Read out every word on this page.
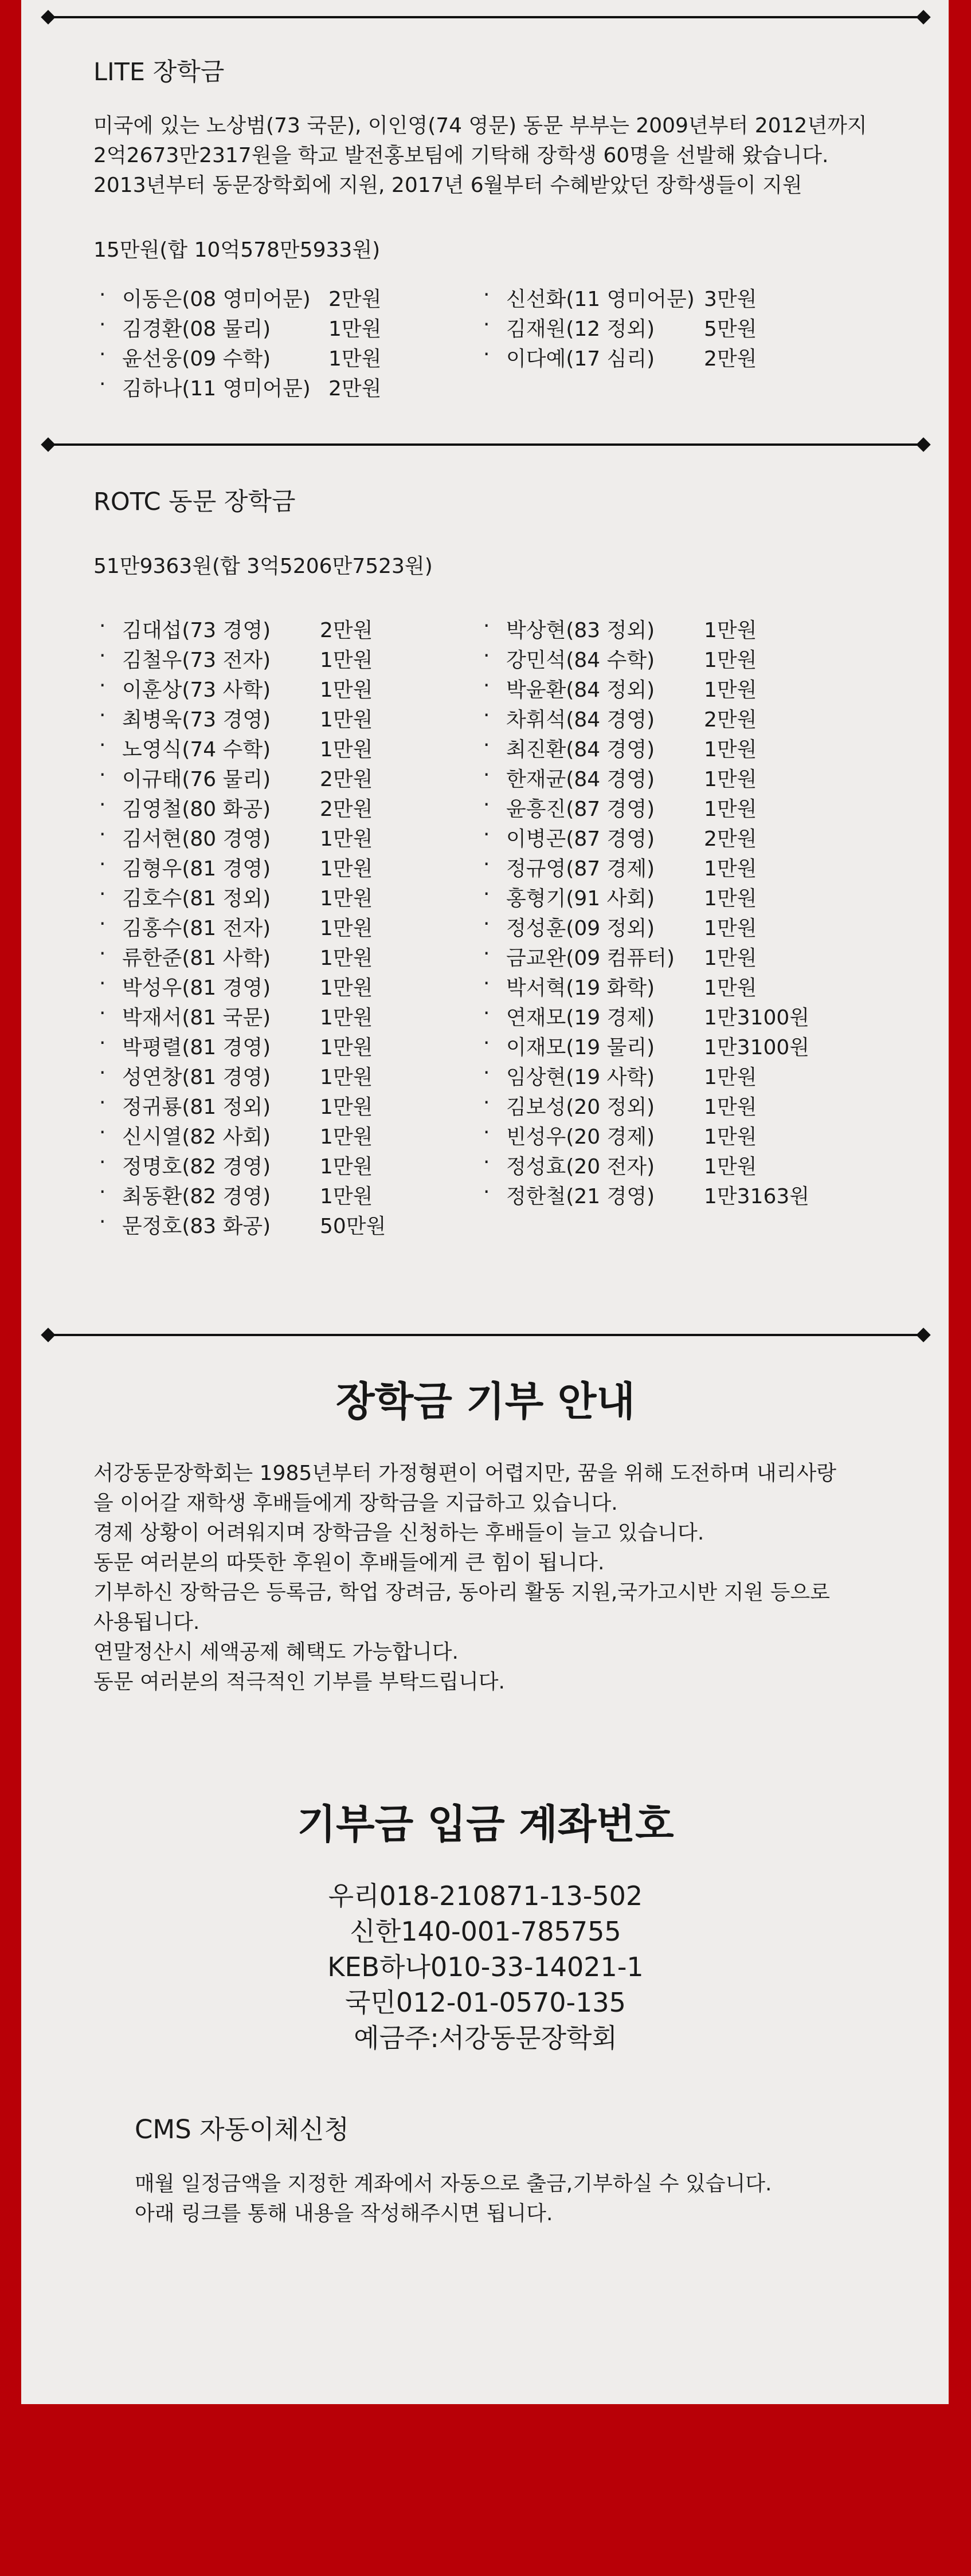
LITE 장학금
미국에 있는 노상범(73 국문), 이인영(74 영문) 동문 부부는 2009년부터 2012년까지
2억2673만2317원을 학교 발전홍보팀에 기탁해 장학생 60명을 선발해 왔습니다.
2013년부터 동문장학회에 지원, 2017년 6월부터 수혜받았던 장학생들이 지원
15만원(합 10억578만5933원)
· 이동은(08 영미어문) 2만원
· 김경환(08 물리)	1만원
· 윤선웅(09 수학)	1만원
· 김하나(11 영미어문) 2만원
· 신선화(11 영미어문) 3만원
· 김재원(12 정외) 5만원
· 이다예(17 심리) 2만원
ROTC 동문 장학금
51만9363원(합 3억5206만7523원)
· 김대섭(73 경영) 2만원
· 김철우(73 전자) 1만원
· 이훈상(73 사학) 1만원
· 최병욱(73 경영) 1만원
· 노영식(74 수학) 1만원
· 이규태(76 물리) 2만원
· 김영철(80 화공) 2만원
· 김서현(80 경영) 1만원
· 김형우(81 경영) 1만원
· 김호수(81 정외) 1만원
· 김홍수(81 전자) 1만원
· 류한준(81 사학) 1만원
· 박성우(81 경영) 1만원
· 박재서(81 국문) 1만원
· 박평렬(81 경영) 1만원
· 성연창(81 경영) 1만원
· 정귀룡(81 정외) 1만원
· 신시열(82 사회) 1만원
· 정명호(82 경영) 1만원
· 최동환(82 경영) 1만원
· 문정호(83 화공) 50만원
· 박상현(83 정외) 1만원
· 강민석(84 수학) 1만원
· 박윤환(84 정외) 1만원
· 차휘석(84 경영) 2만원
· 최진환(84 경영) 1만원
· 한재균(84 경영) 1만원
· 윤흥진(87 경영) 1만원
· 이병곤(87 경영) 2만원
· 정규영(87 경제) 1만원
· 홍형기(91 사회) 1만원
· 정성훈(09 정외) 1만원
· 금교완(09 컴퓨터) 1만원
· 박서혁(19 화학) 1만원
· 연재모(19 경제) 1만3100원
· 이재모(19 물리) 1만3100원
· 임상현(19 사학) 1만원
· 김보성(20 정외) 1만원
· 빈성우(20 경제) 1만원
· 정성효(20 전자) 1만원
· 정한철(21 경영) 1만3163원
장학금 기부 안내
서강동문장학회는 1985년부터 가정형편이 어렵지만, 꿈을 위해 도전하며 내리사랑
을 이어갈 재학생 후배들에게 장학금을 지급하고 있습니다.
경제 상황이 어려워지며 장학금을 신청하는 후배들이 늘고 있습니다.
동문 여러분의 따뜻한 후원이 후배들에게 큰 힘이 됩니다.
기부하신 장학금은 등록금, 학업 장려금, 동아리 활동 지원,국가고시반 지원 등으로
사용됩니다.
연말정산시 세액공제 혜택도 가능합니다.
동문 여러분의 적극적인 기부를 부탁드립니다.
기부금 입금 계좌번호
우리018-210871-13-502
신한140-001-785755
KEB하나010-33-14021-1
국민012-01-0570-135
예금주:서강동문장학회
CMS 자동이체신청
매월 일정금액을 지정한 계좌에서 자동으로 출금,기부하실 수 있습니다.
아래 링크를 통해 내용을 작성해주시면 됩니다.
